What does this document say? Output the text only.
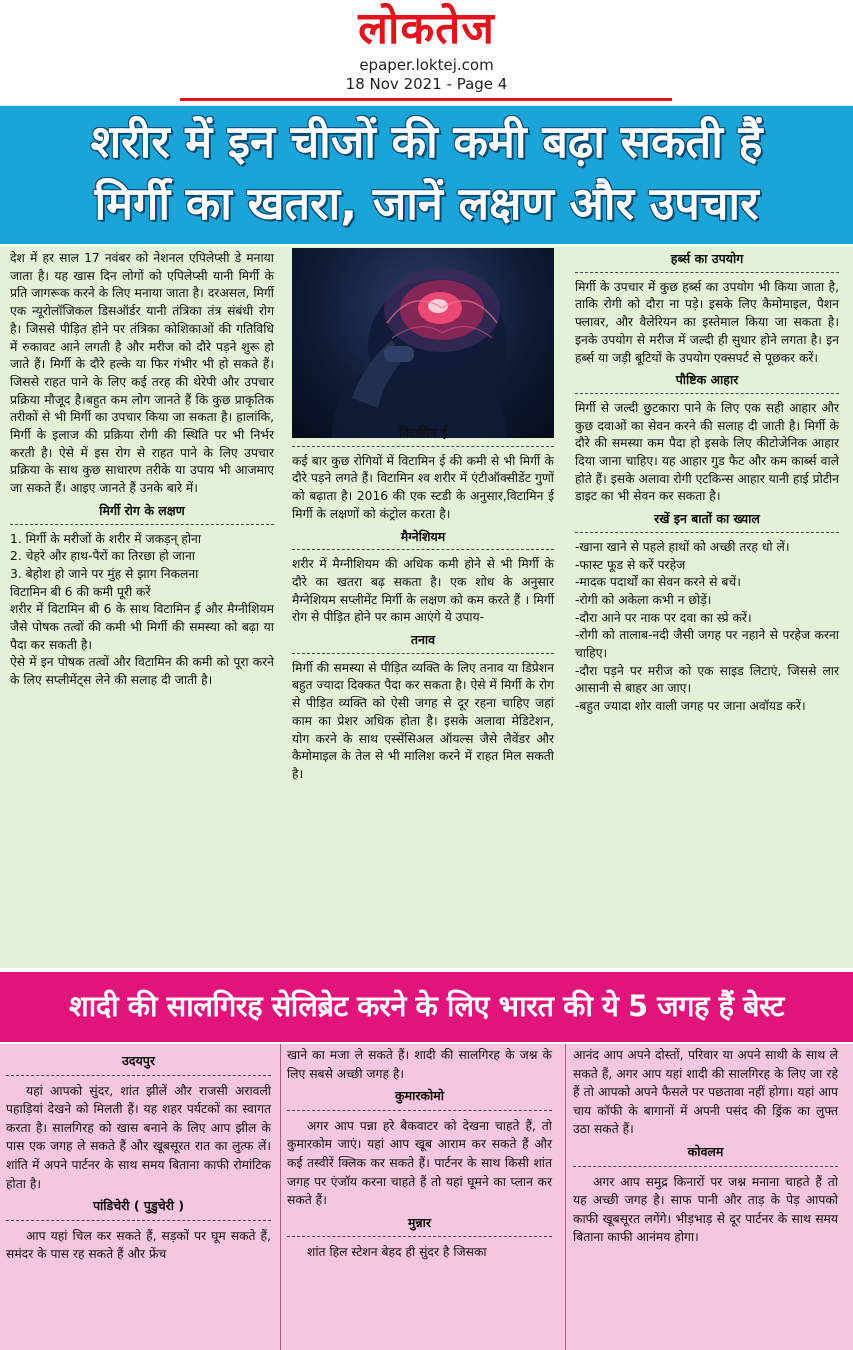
लोकतेज
epaper.loktej.com
18 Nov 2021 - Page 4
शरीर में इन चीजों की कमी बढ़ा सकती हैं
मिर्गी का खतरा, जानें लक्षण और उपचार

देश में हर साल 17 नवंबर को नेशनल एपिलेप्सी डे मनाया जाता है। यह खास दिन लोगों को एपिलेप्सी यानी मिर्गी के प्रति जागरूक करने के लिए मनाया जाता है। दरअसल, मिर्गी एक न्यूरोलॉजिकल डिसऑर्डर यानी तंत्रिका तंत्र संबंधी रोग है। जिससे पीड़ित होने पर तंत्रिका कोशिकाओं की गतिविधि में रुकावट आने लगती है और मरीज को दौरे पड़ने शुरू हो जाते हैं। मिर्गी के दौरे हल्के या फिर गंभीर भी हो सकते हैं। जिससे राहत पाने के लिए कई तरह की थेरेपी और उपचार प्रक्रिया मौजूद है।बहुत कम लोग जानते हैं कि कुछ प्राकृतिक तरीकों से भी मिर्गी का उपचार किया जा सकता है। हालांकि, मिर्गी के इलाज की प्रक्रिया रोगी की स्थिति पर भी निर्भर करती है। ऐसे में इस रोग से राहत पाने के लिए उपचार प्रक्रिया के साथ कुछ साधारण तरीके या उपाय भी आजमाए जा सकते हैं। आइए जानते हैं उनके बारे में।

मिर्गी रोग के लक्षण

1. मिर्गी के मरीजों के शरीर में जकड़न् होना

2. चेहरे और हाथ-पैरों का तिरछा हो जाना

3. बेहोश हो जाने पर मुंह से झाग निकलना

विटामिन बी 6 की कमी पूरी करें

शरीर में विटामिन बी 6 के साथ विटामिन ई और मैग्नीशियम जैसे पोषक तत्वों की कमी भी मिर्गी की समस्या को बढ़ा या पैदा कर सकती है।

ऐसे में इन पोषक तत्वों और विटामिन की कमी को पूरा करने के लिए सप्लीमेंट्स लेने की सलाह दी जाती है।

हर्ब्स का उपयोग

मिर्गी के उपचार में कुछ हर्ब्स का उपयोग भी किया जाता है, ताकि रोगी को दौरा ना पड़े। इसके लिए कैमोमाइल, पैशन फ्लावर, और वैलेरियन का इस्तेमाल किया जा सकता है। इनके उपयोग से मरीज में जल्दी ही सुधार होने लगता है। इन हर्ब्स या जड़ी बूटियों के उपयोग एक्सपर्ट से पूछकर करें।

पौष्टिक आहार

मिर्गी से जल्दी छुटकारा पाने के लिए एक सही आहार और कुछ दवाओं का सेवन करने की सलाह दी जाती है। मिर्गी के दौरे की समस्या कम पैदा हो इसके लिए कीटोजेनिक आहार दिया जाना चाहिए। यह आहार गुड फैट और कम कार्ब्स वाले होते हैं। इसके अलावा रोगी एटकिन्स आहार यानी हाई प्रोटीन डाइट का भी सेवन कर सकता है।

रखें इन बातों का ख्याल

-खाना खाने से पहले हाथों को अच्छी तरह धो लें।

-फास्ट फूड से करें परहेज

-मादक पदार्थों का सेवन करने से बचें।

-रोगी को अकेला कभी न छोड़ें।

-दौरा आने पर नाक पर दवा का स्प्रे करें।

-रोगी को तालाब-नदी जैसी जगह पर नहाने से परहेज करना चाहिए।

-दौरा पड़ने पर मरीज को एक साइड लिटाएं, जिससे लार आसानी से बाहर आ जाए।

-बहुत ज्यादा शोर वाली जगह पर जाना अवॉयड करें।

विटामिन ई

कई बार कुछ रोगियों में विटामिन ई की कमी से भी मिर्गी के दौरे पड़ने लगते हैं। विटामिन श्व शरीर में एंटीऑक्सीडेंट गुणों को बढ़ाता है। 2016 की एक स्टडी के अनुसार,विटामिन ई मिर्गी के लक्षणों को कंट्रोल करता है।

मैग्नेशियम

शरीर में मैग्नीशियम की अधिक कमी होने से भी मिर्गी के दौरे का खतरा बढ़ सकता है। एक शोध के अनुसार मैग्नेशियम सप्लीमेंट मिर्गी के लक्षण को कम करते हैं । मिर्गी रोग से पीड़ित होने पर काम आएंगे ये उपाय-

तनाव

मिर्गी की समस्या से पीड़ित व्यक्ति के लिए तनाव या डिप्रेशन बहुत ज्यादा दिक्कत पैदा कर सकता है। ऐसे में मिर्गी के रोग से पीड़ित व्यक्ति को ऐसी जगह से दूर रहना चाहिए जहां काम का प्रेशर अधिक होता है। इसके अलावा मेडिटेशन, योग करने के साथ एस्सेंसिअल ऑयल्स जैसे लैवेंडर और कैमोमाइल के तेल से भी मालिश करने में राहत मिल सकती है।

शादी की सालगिरह सेलिब्रेट करने के लिए भारत की ये 5 जगह हैं बेस्ट
उदयपुर

यहां आपको सुंदर, शांत झीलें और राजसी अरावली पहाड़ियां देखने को मिलती हैं। यह शहर पर्यटकों का स्वागत करता है। सालगिरह को खास बनाने के लिए आप झील के पास एक जगह ले सकते हैं और खूबसूरत रात का लुत्फ लें। शांति में अपने पार्टनर के साथ समय बिताना काफी रोमांटिक होता है।

पांडिचेरी ( पुडुचेरी )

आप यहां चिल कर सकते हैं, सड़कों पर घूम सकते हैं, समंदर के पास रह सकते हैं और फ्रेंच

खाने का मजा ले सकते हैं। शादी की सालगिरह के जश्न के लिए सबसे अच्छी जगह है।

कुमारकोमो

अगर आप पन्ना हरे बैकवाटर को देखना चाहते हैं, तो कुमारकोम जाएं। यहां आप खूब आराम कर सकते हैं और कई तस्वीरें क्लिक कर सकते हैं। पार्टनर के साथ किसी शांत जगह पर एंजॉय करना चाहते हैं तो यहां घूमने का प्लान कर सकते हैं।

मुन्नार

शांत हिल स्टेशन बेहद ही सुंदर है जिसका

आनंद आप अपने दोस्तों, परिवार या अपने साथी के साथ ले सकते हैं, अगर आप यहां शादी की सालगिरह के लिए जा रहे हैं तो आपको अपने फैसले पर पछतावा नहीं होगा। यहां आप चाय कॉफी के बागानों में अपनी पसंद की ड्रिंक का लुफ्त उठा सकते हैं।

कोवलम

अगर आप समुद्र किनारों पर जश्न मनाना चाहते हैं तो यह अच्छी जगह है। साफ पानी और ताड़ के पेड़ आपको काफी खूबसूरत लगेंगे। भीड़भाड़ से दूर पार्टनर के साथ समय बिताना काफी आनंमय होगा।
